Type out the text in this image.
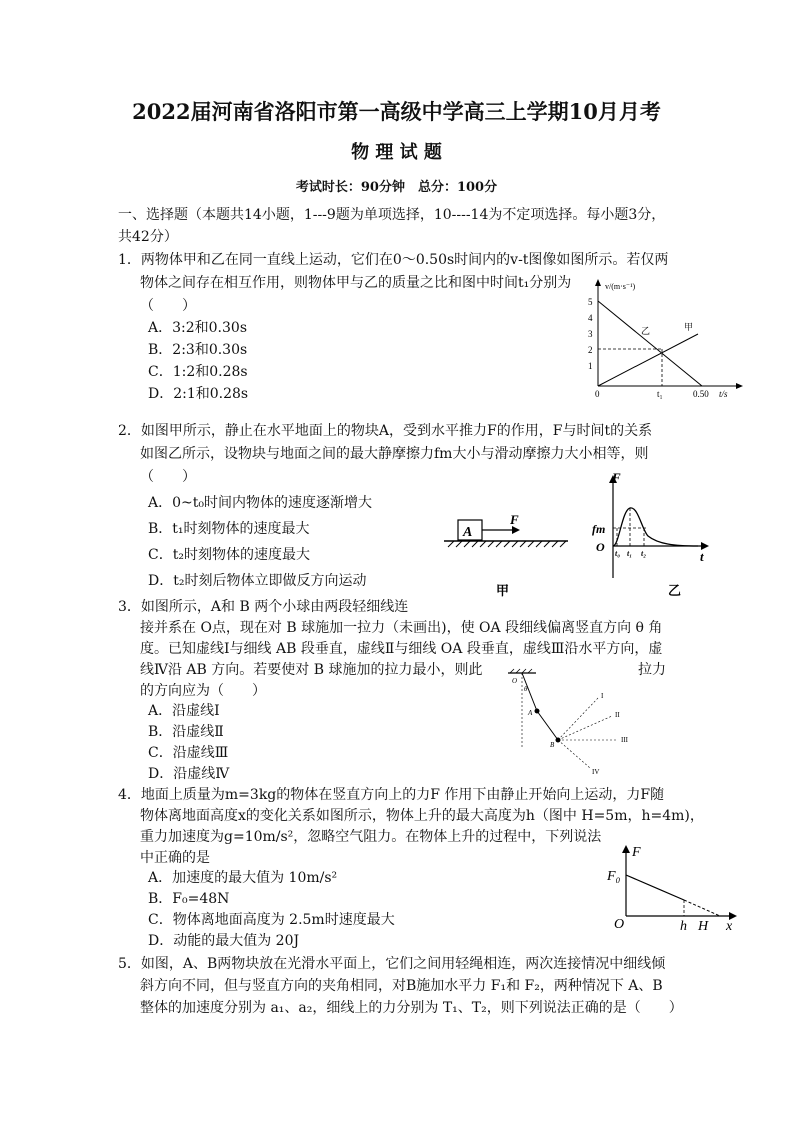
2022届河南省洛阳市第一高级中学高三上学期10月月考
物 理 试 题
考试时长：90分钟　总分：100分
一、选择题（本题共14小题，1---9题为单项选择，10----14为不定项选择。每小题3分，
共42分）
1．两物体甲和乙在同一直线上运动，它们在0～0.50s时间内的v-t图像如图所示。若仅两
物体之间存在相互作用，则物体甲与乙的质量之比和图中时间t₁分别为
（　　）
A．3:2和0.30s
B．2:3和0.30s
C．1:2和0.28s
D．2:1和0.28s
v/(m·s⁻¹)
5
4
3
2
1
0	t₁	0.50 t/s
乙	甲
2．如图甲所示，静止在水平地面上的物块A，受到水平推力F的作用，F与时间t的关系
如图乙所示，设物块与地面之间的最大静摩擦力fm大小与滑动摩擦力大小相等，则
（　　）
A．0~t₀时间内物体的速度逐渐增大
B．t₁时刻物体的速度最大
C．t₂时刻物体的速度最大
D．t₂时刻后物体立即做反方向运动
A
F
甲
F
fm
O
t
t₀ t₁ t₂
乙
3．如图所示，A和 B 两个小球由两段轻细线连
接并系在 O点，现在对 B 球施加一拉力（未画出)，使 OA 段细线偏离竖直方向 θ 角
度。已知虚线Ⅰ与细线 AB 段垂直，虚线Ⅱ与细线 OA 段垂直，虚线Ⅲ沿水平方向，虚
线Ⅳ沿 AB 方向。若要使对 B 球施加的拉力最小，则此	拉力
的方向应为（　　）
A．沿虚线Ⅰ
B．沿虚线Ⅱ
C．沿虚线Ⅲ
D．沿虚线Ⅳ
O
θ
A
B
I
II
III
IV
4．地面上质量为m=3kg的物体在竖直方向上的力F 作用下由静止开始向上运动，力F随
物体离地面高度x的变化关系如图所示，物体上升的最大高度为h（图中 H=5m，h=4m)，
重力加速度为g=10m/s²，忽略空气阻力。在物体上升的过程中，下列说法
中正确的是
A．加速度的最大值为 10m/s²
B．F₀=48N
C．物体离地面高度为 2.5m时速度最大
D．动能的最大值为 20J
F
F₀
O	h H x
5．如图，A、B两物块放在光滑水平面上，它们之间用轻绳相连，两次连接情况中细线倾
斜方向不同，但与竖直方向的夹角相同，对B施加水平力 F₁和 F₂，两种情况下 A、B
整体的加速度分别为 a₁、a₂，细线上的力分别为 T₁、T₂，则下列说法正确的是（　　）
